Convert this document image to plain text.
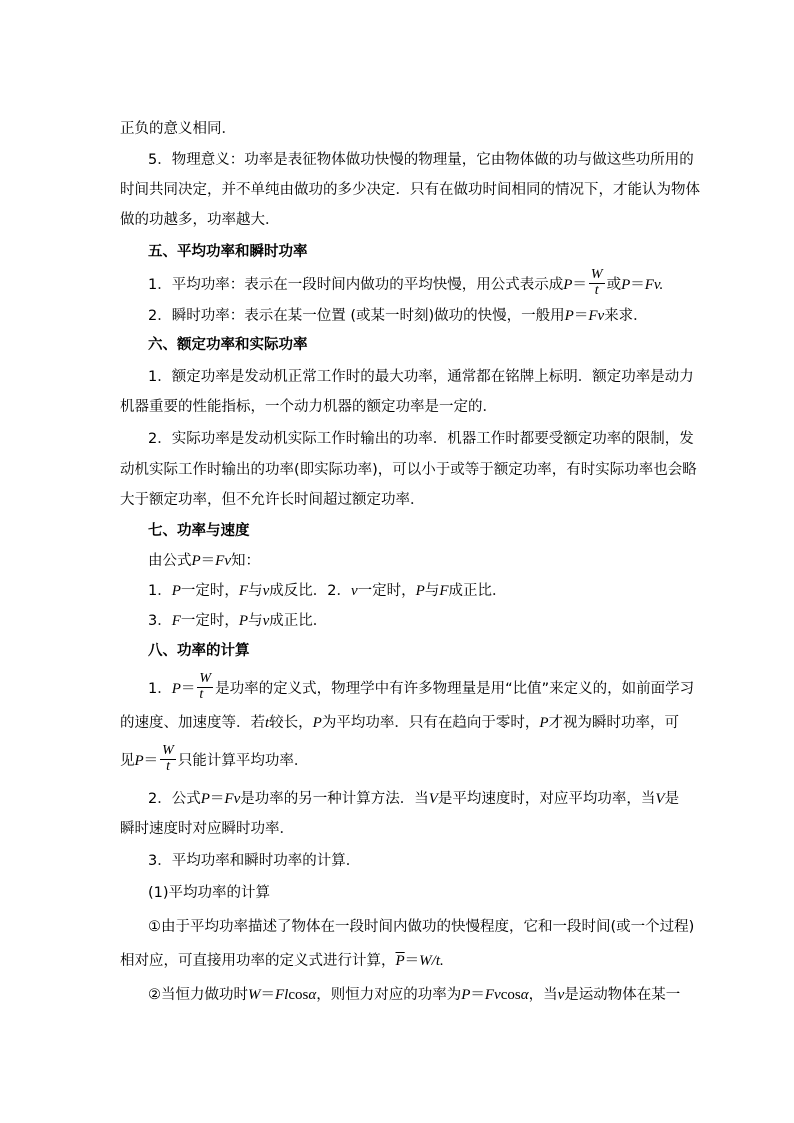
正负的意义相同．
5．物理意义：功率是表征物体做功快慢的物理量，它由物体做的功与做这些功所用的
时间共同决定，并不单纯由做功的多少决定．只有在做功时间相同的情况下，才能认为物体
做的功越多，功率越大．
五、平均功率和瞬时功率
1．平均功率：表示在一段时间内做功的平均快慢，用公式表示成$P= \frac{W}{t}$ 或P＝Fv.
2．瞬时功率：表示在某一位置 (或某一时刻)做功的快慢，一般用P＝Fv来求．
六、额定功率和实际功率
1．额定功率是发动机正常工作时的最大功率，通常都在铭牌上标明．额定功率是动力
机器重要的性能指标，一个动力机器的额定功率是一定的．
2．实际功率是发动机实际工作时输出的功率．机器工作时都要受额定功率的限制，发
动机实际工作时输出的功率(即实际功率)，可以小于或等于额定功率，有时实际功率也会略
大于额定功率，但不允许长时间超过额定功率．
七、功率与速度
由公式P＝Fv知：
1．P一定时，F与v成反比．2．v一定时，P与F成正比．
3．F一定时，P与v成正比．
八、功率的计算
1．$P= \frac{W}{t}$ 是功率的定义式，物理学中有许多物理量是用“比值”来定义的，如前面学习
的速度、加速度等．若t较长，P为平均功率．只有在趋向于零时，P才视为瞬时功率，可
见$P= \frac{W}{t}$ 只能计算平均功率．
2．公式P＝Fv是功率的另一种计算方法．当V是平均速度时，对应平均功率，当V是
瞬时速度时对应瞬时功率．
3．平均功率和瞬时功率的计算．
(1)平均功率的计算
①由于平均功率描述了物体在一段时间内做功的快慢程度，它和一段时间(或一个过程)
相对应，可直接用功率的定义式进行计算，$\overline{P}=W/t$.
②当恒力做功时W＝Flcosα，则恒力对应的功率为P＝Fvcosα，当v是运动物体在某一
